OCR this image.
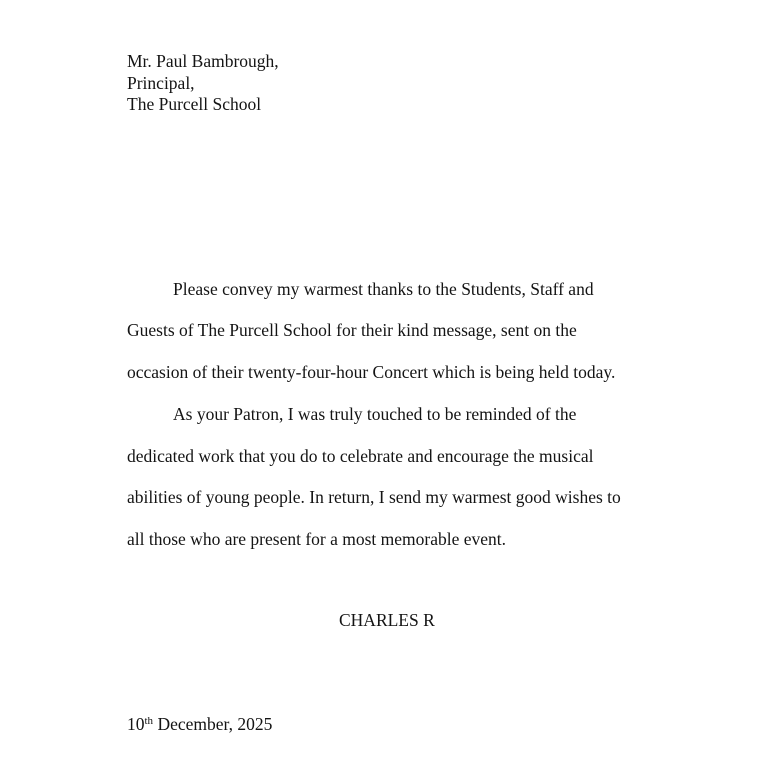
Mr. Paul Bambrough,
Principal,
The Purcell School
Please convey my warmest thanks to the Students, Staff and
Guests of The Purcell School for their kind message, sent on the
occasion of their twenty-four-hour Concert which is being held today.
As your Patron, I was truly touched to be reminded of the
dedicated work that you do to celebrate and encourage the musical
abilities of young people. In return, I send my warmest good wishes to
all those who are present for a most memorable event.
CHARLES R
10th December, 2025
